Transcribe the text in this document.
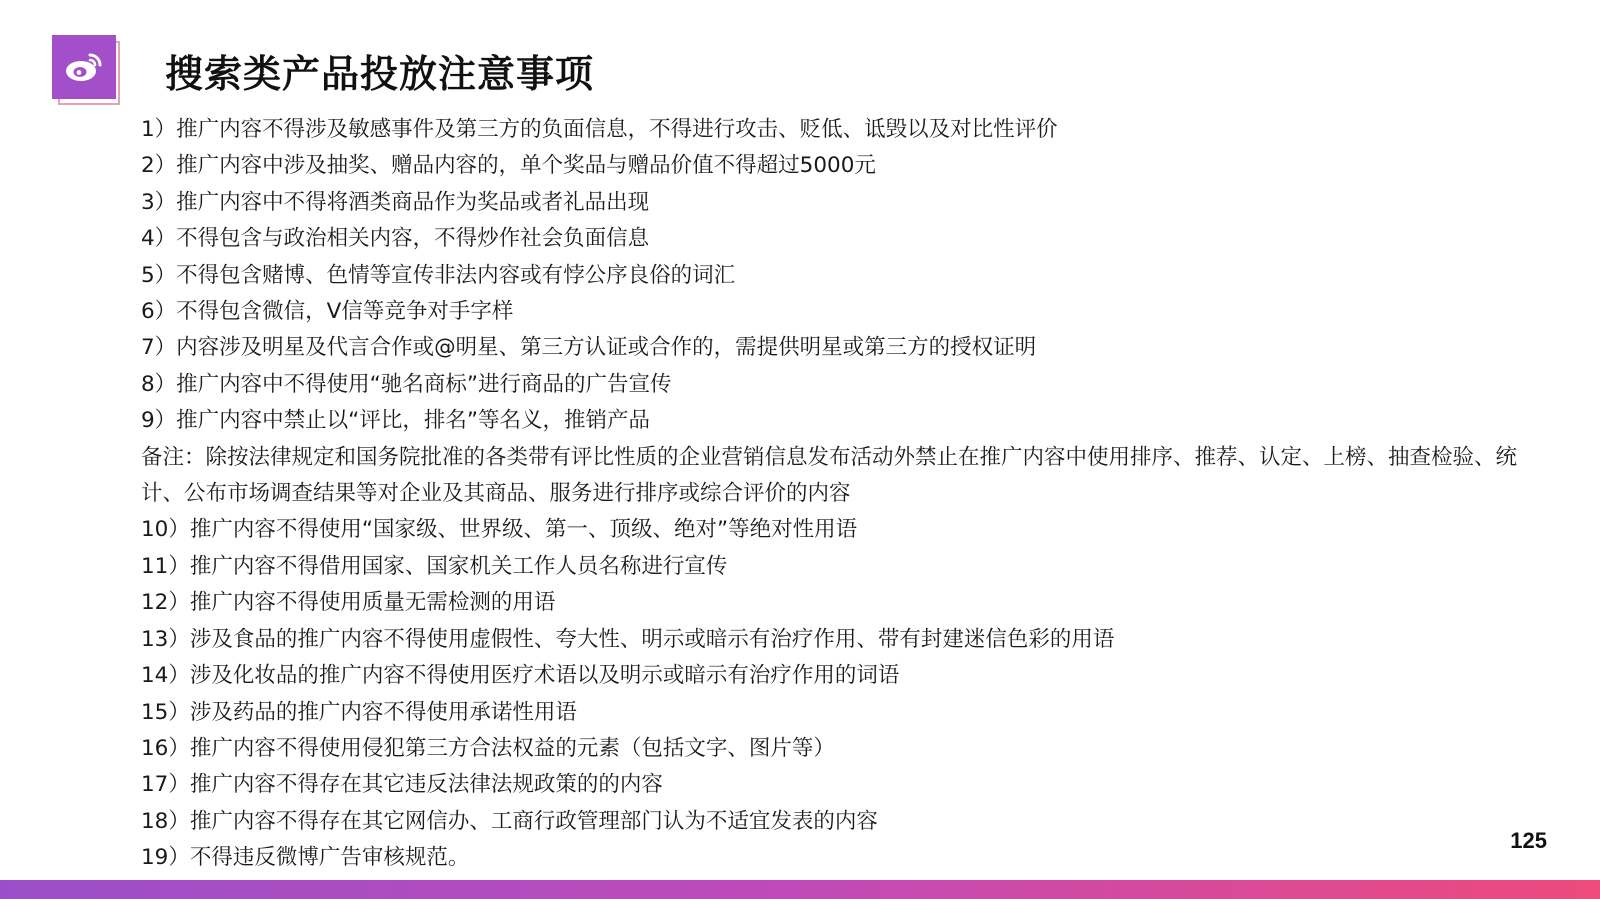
搜索类产品投放注意事项
1）推广内容不得涉及敏感事件及第三方的负面信息，不得进行攻击、贬低、诋毁以及对比性评价
2）推广内容中涉及抽奖、赠品内容的，单个奖品与赠品价值不得超过5000元
3）推广内容中不得将酒类商品作为奖品或者礼品出现
4）不得包含与政治相关内容，不得炒作社会负面信息
5）不得包含赌博、色情等宣传非法内容或有悖公序良俗的词汇
6）不得包含微信，V信等竞争对手字样
7）内容涉及明星及代言合作或@明星、第三方认证或合作的，需提供明星或第三方的授权证明
8）推广内容中不得使用“驰名商标”进行商品的广告宣传
9）推广内容中禁止以“评比，排名”等名义，推销产品
备注：除按法律规定和国务院批准的各类带有评比性质的企业营销信息发布活动外禁止在推广内容中使用排序、推荐、认定、上榜、抽查检验、统计、公布市场调查结果等对企业及其商品、服务进行排序或综合评价的内容
10）推广内容不得使用“国家级、世界级、第一、顶级、绝对”等绝对性用语
11）推广内容不得借用国家、国家机关工作人员名称进行宣传
12）推广内容不得使用质量无需检测的用语
13）涉及食品的推广内容不得使用虚假性、夸大性、明示或暗示有治疗作用、带有封建迷信色彩的用语
14）涉及化妆品的推广内容不得使用医疗术语以及明示或暗示有治疗作用的词语
15）涉及药品的推广内容不得使用承诺性用语
16）推广内容不得使用侵犯第三方合法权益的元素（包括文字、图片等）
17）推广内容不得存在其它违反法律法规政策的的内容
18）推广内容不得存在其它网信办、工商行政管理部门认为不适宜发表的内容
19）不得违反微博广告审核规范。
125
